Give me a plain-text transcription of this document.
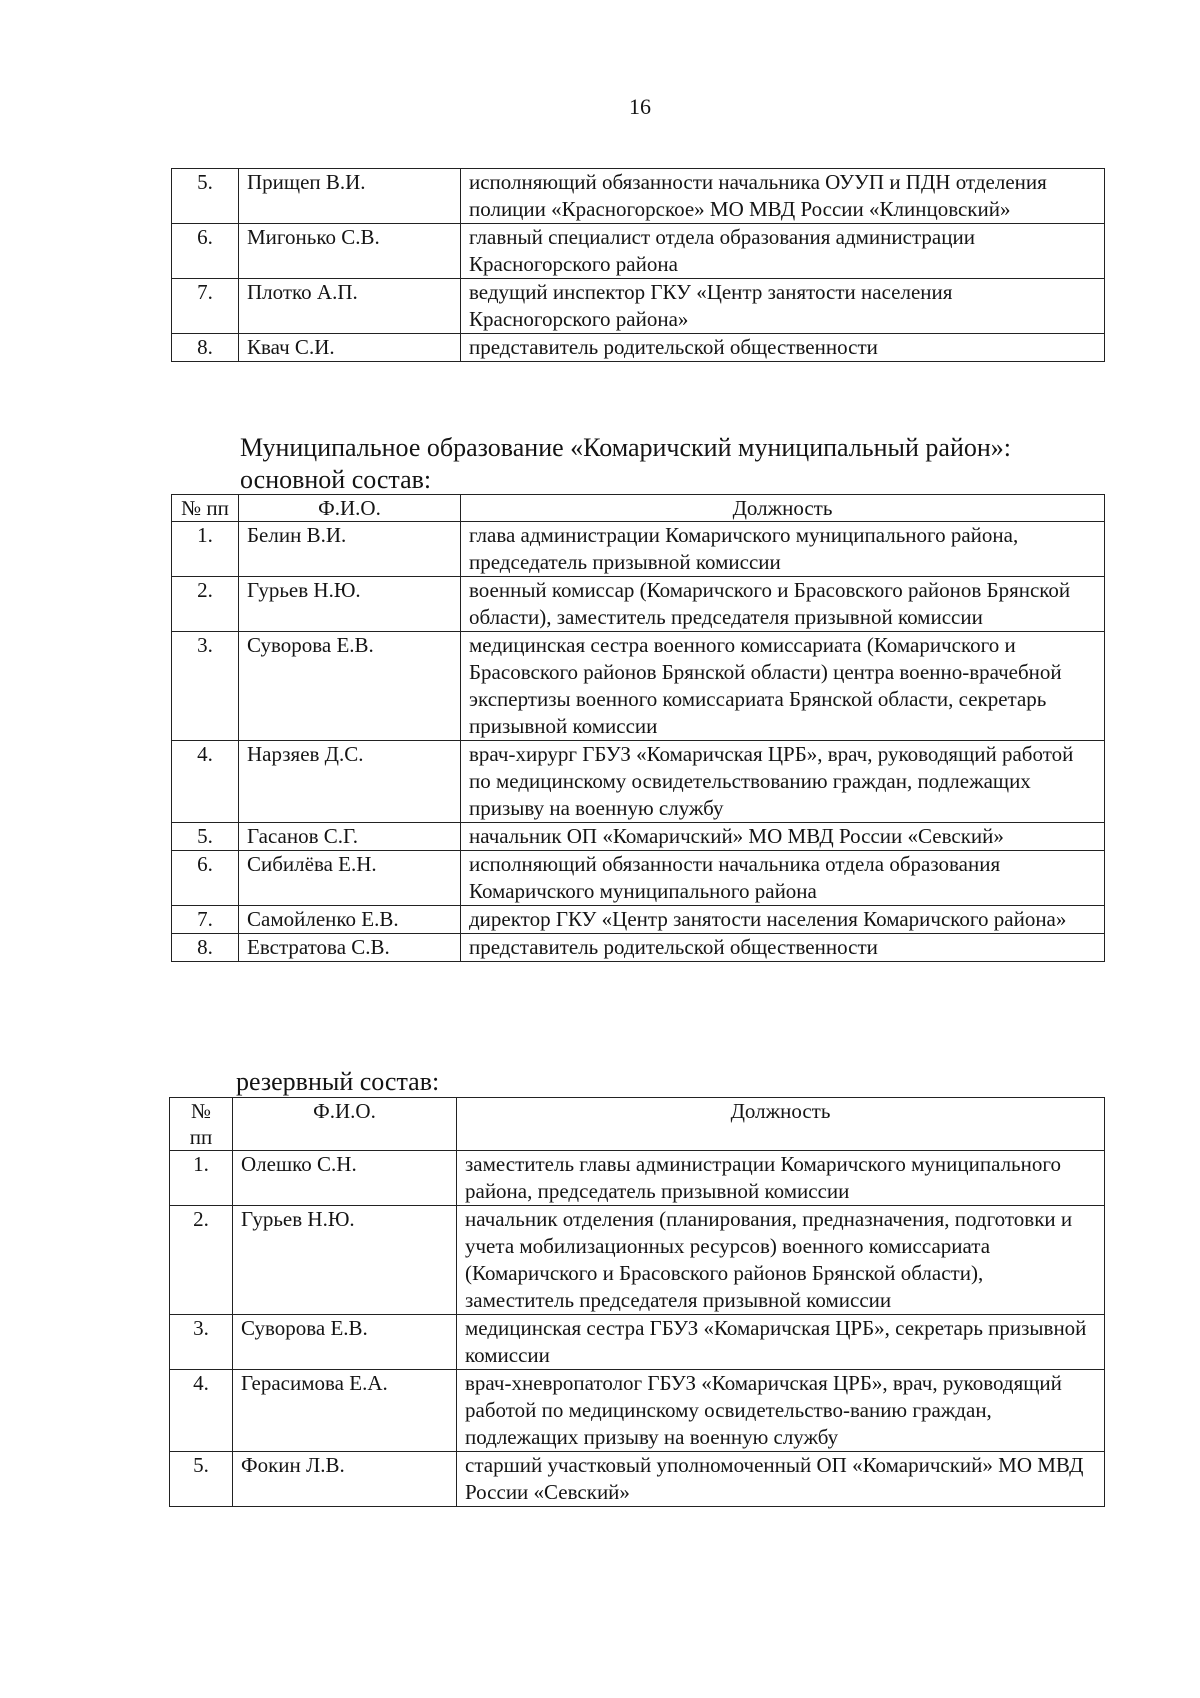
16
5.	Прищеп В.И.	исполняющий обязанности начальника ОУУП и ПДН отделения полиции «Красногорское» МО МВД России «Клинцовский»
6.	Мигонько С.В.	главный специалист отдела образования администрации Красногорского района
7.	Плотко А.П.	ведущий инспектор ГКУ «Центр занятости населения Красногорского района»
8.	Квач С.И.	представитель родительской общественности
Муниципальное образование «Комаричский муниципальный район»:
основной состав:
№ пп	Ф.И.О.	Должность
1.	Белин В.И.	глава администрации Комаричского муниципального района, председатель призывной комиссии
2.	Гурьев Н.Ю.	военный комиссар (Комаричского и Брасовского районов Брянской области), заместитель председателя призывной комиссии
3.	Суворова Е.В.	медицинская сестра военного комиссариата (Комаричского и Брасовского районов Брянской области) центра военно-врачебной экспертизы военного комиссариата Брянской области, секретарь призывной комиссии
4.	Нарзяев Д.С.	врач-хирург ГБУЗ «Комаричская ЦРБ», врач, руководящий работой по медицинскому освидетельствованию граждан, подлежащих призыву на военную службу
5.	Гасанов С.Г.	начальник ОП «Комаричский» МО МВД России «Севский»
6.	Сибилёва Е.Н.	исполняющий обязанности начальника отдела образования Комаричского муниципального района
7.	Самойленко Е.В.	директор ГКУ «Центр занятости населения Комаричского района»
8.	Евстратова С.В.	представитель родительской общественности
резервный состав:
№ пп	Ф.И.О.	Должность
1.	Олешко С.Н.	заместитель главы администрации Комаричского муниципального района, председатель призывной комиссии
2.	Гурьев Н.Ю.	начальник отделения (планирования, предназначения, подготовки и учета мобилизационных ресурсов) военного комиссариата (Комаричского и Брасовского районов Брянской области), заместитель председателя призывной комиссии
3.	Суворова Е.В.	медицинская сестра ГБУЗ «Комаричская ЦРБ», секретарь призывной комиссии
4.	Герасимова Е.А.	врач-хневропатолог ГБУЗ «Комаричская ЦРБ», врач, руководящий работой по медицинскому освидетельство-ванию граждан, подлежащих призыву на военную службу
5.	Фокин Л.В.	старший участковый уполномоченный ОП «Комаричский» МО МВД России «Севский»
